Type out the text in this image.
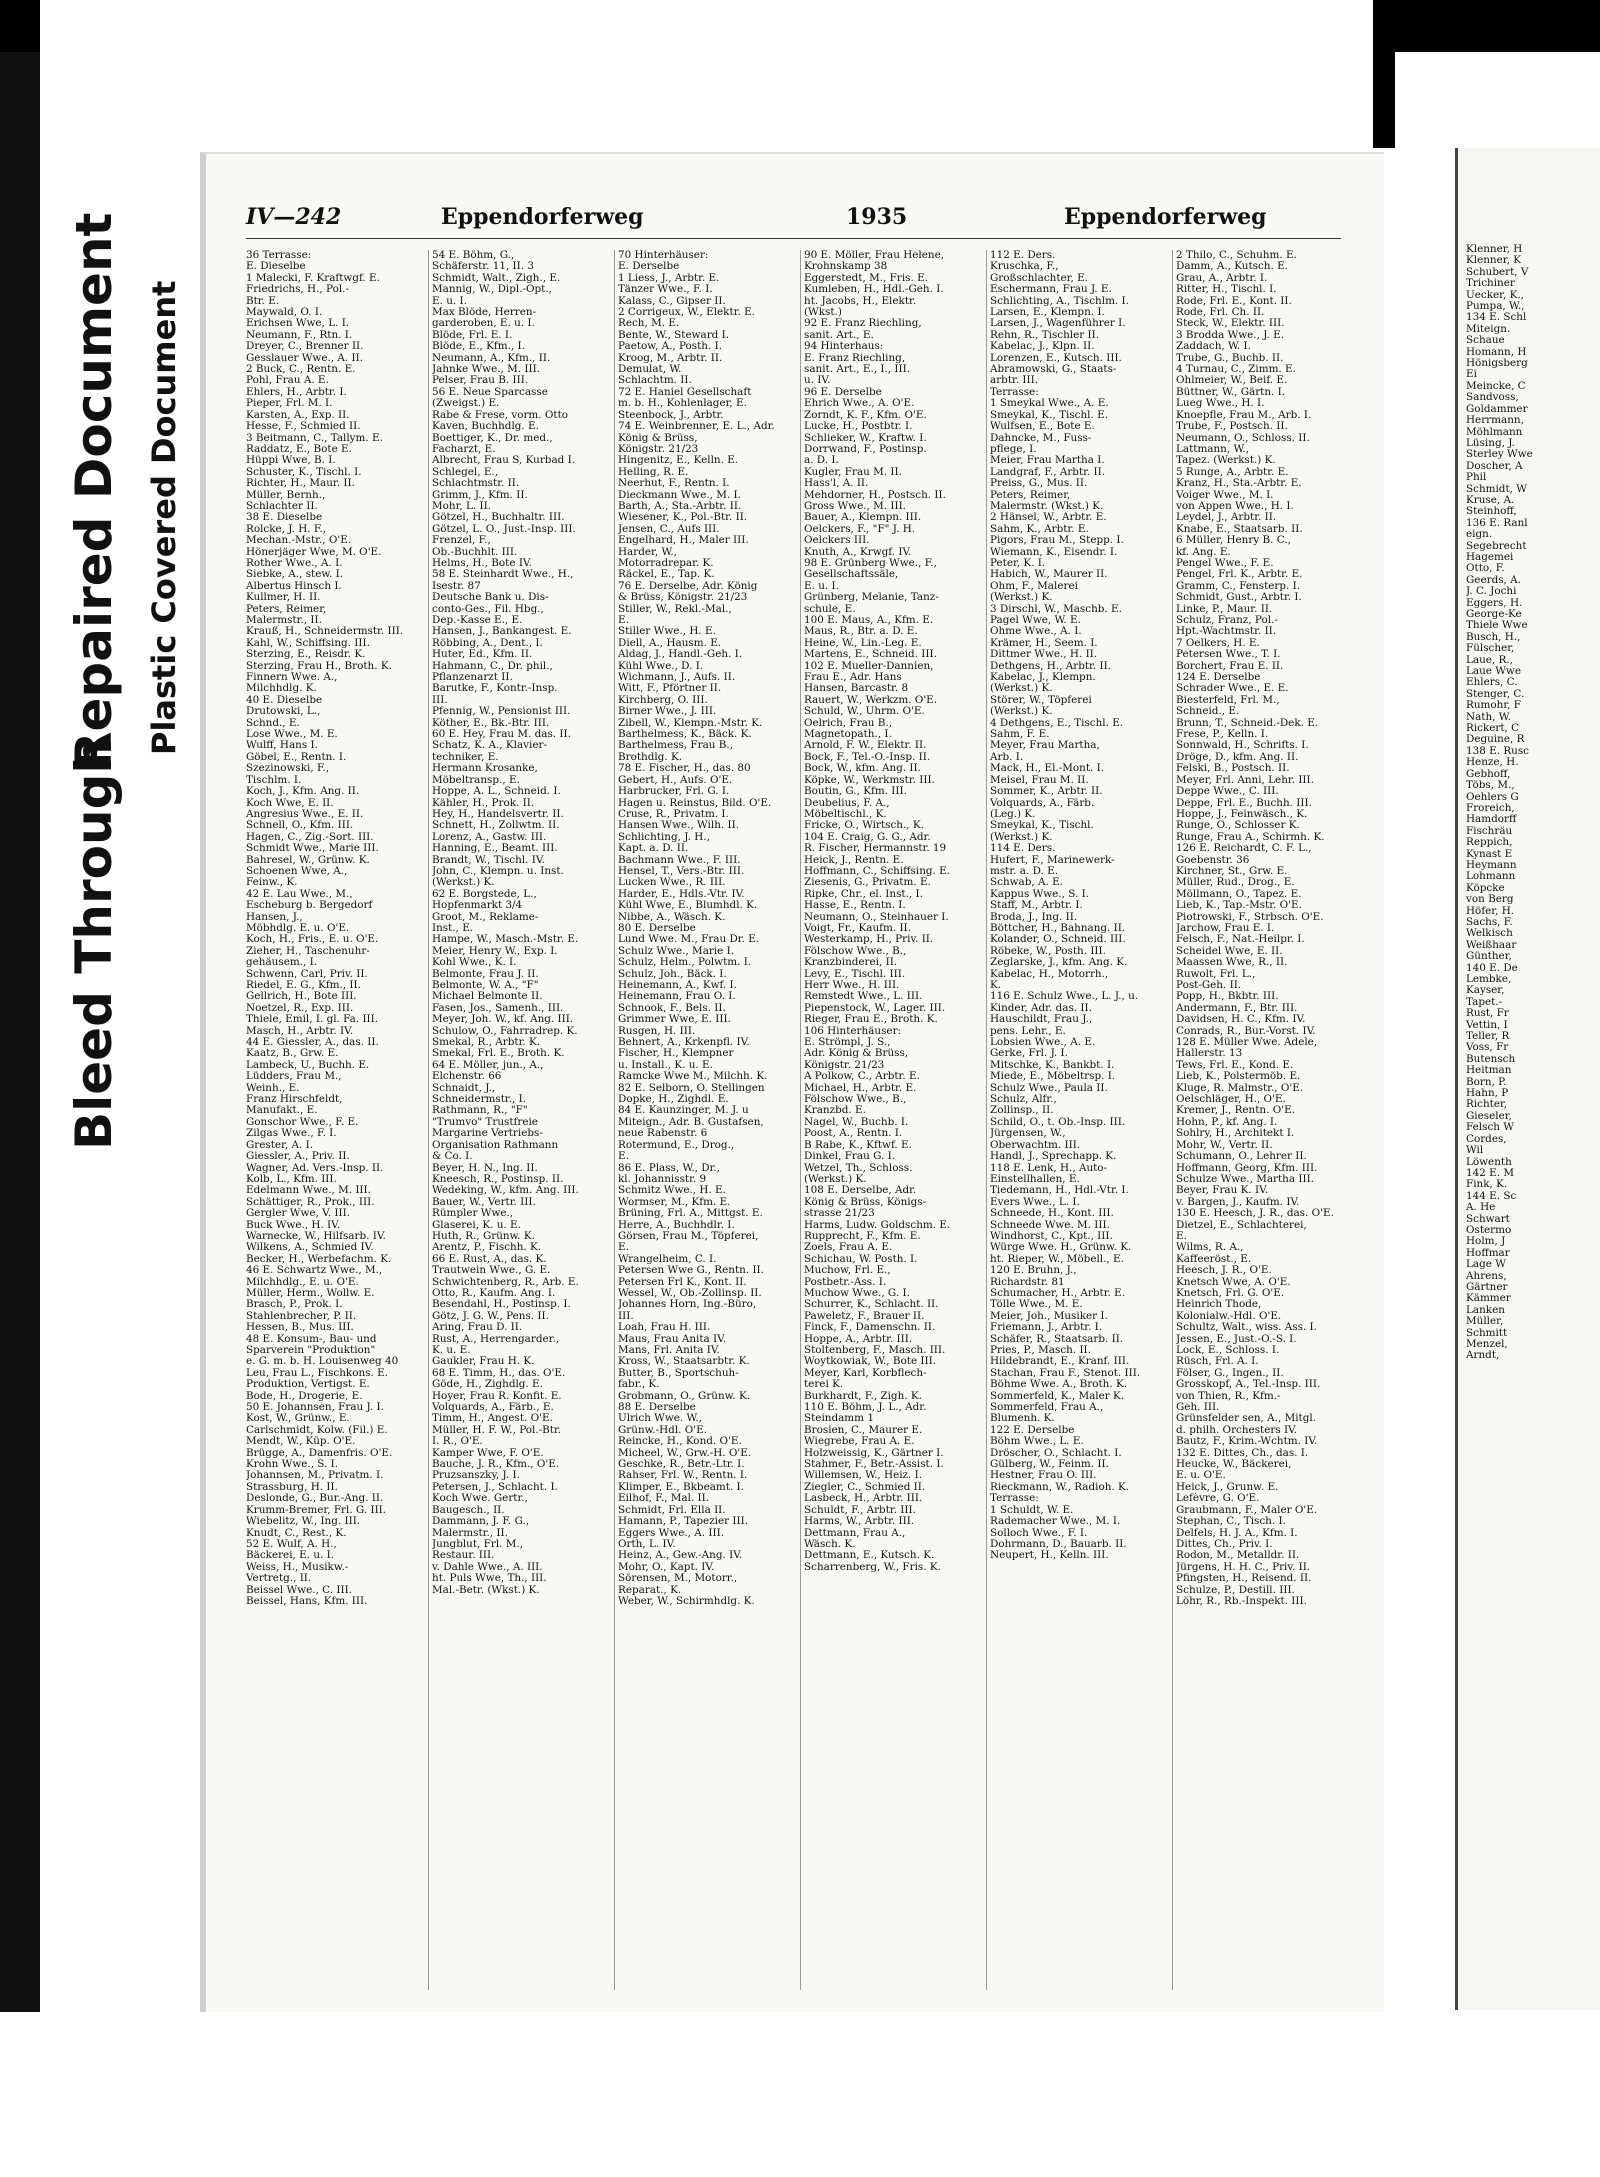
Bleed Through
Repaired Document Plastic Covered Document
IV—242	Eppendorferweg	1935	Eppendorferweg

36 Terrasse:

E. Dieselbe

1 Malecki, F. Kraftwgf. E.

Friedrichs, H., Pol.-

Btr. E.

Maywald, O. I.

Erichsen Wwe, L. I.

Neumann, F., Rtn. I.

Dreyer, C., Brenner II.

Gesslauer Wwe., A. II.

2 Buck, C., Rentn. E.

Pohl, Frau A. E.

Ehlers, H., Arbtr. I.

Pieper, Frl. M. I.

Karsten, A., Exp. II.

Hesse, F., Schmied II.

3 Beitmann, C., Tallym. E.

Raddatz, E., Bote E.

Hüppi Wwe, B. I.

Schuster, K., Tischl. I.

Richter, H., Maur. II.

Müller, Bernh.,

Schlachter II.

38 E. Dieselbe

Rolcke, J. H. F.,

Mechan.-Mstr., O'E.

Hönerjäger Wwe, M. O'E.

Rother Wwe., A. I.

Siebke, A., stew. I.

Albertus Hinsch I.

Kullmer, H. II.

Peters, Reimer,

Malermstr., II.

Krauß, H., Schneidermstr. III.

Kahl, W., Schiffsing. III.

Sterzing, E., Reisdr. K.

Sterzing, Frau H., Broth. K.

Finnern Wwe. A.,

Milchhdlg. K.

40 E. Dieselbe

Drutowski, L.,

Schnd., E.

Lose Wwe., M. E.

Wulff, Hans I.

Göbel, E., Rentn. I.

Szezinowski, F.,

Tischlm. I.

Koch, J., Kfm. Ang. II.

Koch Wwe, E. II.

Angresius Wwe., E. II.

Schnell, O., Kfm. III.

Hagen, C., Zig.-Sort. III.

Schmidt Wwe., Marie III.

Bahresel, W., Grünw. K.

Schoenen Wwe, A.,

Feinw., K.

42 E. Lau Wwe., M.,

Escheburg b. Bergedorf

Hansen, J.,

Möbhdlg. E. u. O'E.

Koch, H., Fris., E. u. O'E.

Zieher, H., Taschenuhr-

gehäusem., I.

Schwenn, Carl, Priv. II.

Riedel, E. G., Kfm., II.

Gellrich, H., Bote III.

Noetzel, R., Exp. III.

Thiele, Emil, I. gl. Fa. III.

Masch, H., Arbtr. IV.

44 E. Giessler, A., das. II.

Kaatz, B., Grw. E.

Lambeck, U., Buchh. E.

Lüdders, Frau M.,

Weinh., E.

Franz Hirschfeldt,

Manufakt., E.

Gonschor Wwe., F. E.

Zilgas Wwe., F. I.

Grester, A. I.

Giessler, A., Priv. II.

Wagner, Ad. Vers.-Insp. II.

Kolb, L., Kfm. III.

Edelmann Wwe., M. III.

Schättiger, R., Prok., III.

Gergler Wwe, V. III.

Buck Wwe., H. IV.

Warnecke, W., Hilfsarb. IV.

Wilkens, A., Schmied IV.

Becker, H., Werbefachm. K.

46 E. Schwartz Wwe., M.,

Milchhdlg., E. u. O'E.

Müller, Herm., Wollw. E.

Brasch, P., Prok. I.

Stahlenbrecher, P. II.

Hessen, B., Mus. III.

48 E. Konsum-, Bau- und

Sparverein "Produktion"

e. G. m. b. H. Louisenweg 40

Leu, Frau L., Fischkons. E.

Produktion, Vertigst. E.

Bode, H., Drogerie, E.

50 E. Johannsen, Frau J. I.

Kost, W., Grünw., E.

Carlschmidt, Kolw. (Fil.) E.

Mendt, W., Küp. O'E.

Brügge, A., Damenfris. O'E.

Krohn Wwe., S. I.

Johannsen, M., Privatm. I.

Strassburg, H. II.

Deslonde, G., Bur.-Ang. II.

Krumm-Bremer, Frl. G. III.

Wiebelitz, W., Ing. III.

Knudt, C., Rest., K.

52 E. Wulf, A. H.,

Bäckerei, E. u. I.

Weiss, H., Musikw.-

Vertretg., II.

Beissel Wwe., C. III.

Beissel, Hans, Kfm. III.

54 E. Böhm, G.,

Schäferstr. 11, II. 3

Schmidt, Walt., Zigh., E.

Mannig, W., Dipl.-Opt.,

E. u. I.

Max Blöde, Herren-

garderoben, E. u. I.

Blöde, Frl. E. I.

Blöde, E., Kfm., I.

Neumann, A., Kfm., II.

Jahnke Wwe., M. III.

Pelser, Frau B. III.

56 E. Neue Sparcasse

(Zweigst.) E.

Rabe & Frese, vorm. Otto

Kaven, Buchhdlg. E.

Boettiger, K., Dr. med.,

Facharzt, E.

Albrecht, Frau S, Kurbad I.

Schlegel, E.,

Schlachtmstr. II.

Grimm, J., Kfm. II.

Mohr, L. II.

Götzel, H., Buchhaltr. III.

Götzel, L. O., Just.-Insp. III.

Frenzel, F.,

Ob.-Buchhlt. III.

Helms, H., Bote IV.

58 E. Steinhardt Wwe., H.,

Isestr. 87

Deutsche Bank u. Dis-

conto-Ges., Fil. Hbg.,

Dep.-Kasse E., E.

Hansen, J., Bankangest. E.

Röbbing, A., Dent., I.

Huter, Ed., Kfm. II.

Hahmann, C., Dr. phil.,

Pflanzenarzt II.

Barutke, F., Kontr.-Insp.

III.

Pfennig, W., Pensionist III.

Köther, E., Bk.-Btr. III.

60 E. Hey, Frau M. das. II.

Schatz, K. A., Klavier-

techniker, E.

Hermann Krosanke,

Möbeltransp., E.

Hoppe, A. L., Schneid. I.

Kähler, H., Prok. II.

Hey, H., Handelsvertr. II.

Schnett, H., Zollwtm. II.

Lorenz, A., Gastw. III.

Hanning, E., Beamt. III.

Brandt, W., Tischl. IV.

John, C., Klempn. u. Inst.

(Werkst.) K.

62 E. Borgstede, L.,

Hopfenmarkt 3/4

Groot, M., Reklame-

Inst., E.

Hampe, W., Masch.-Mstr. E.

Meier, Henry W., Exp. I.

Kohl Wwe., K. I.

Belmonte, Frau J. II.

Belmonte, W. A., "F"

Michael Belmonte II.

Fasen, Jos., Samenh., III.

Meyer, Joh. W., kf. Ang. III.

Schulow, O., Fahrradrep. K.

Smekal, R., Arbtr. K.

Smekal, Frl. E., Broth. K.

64 E. Möller, jun., A.,

Elchenstr. 66

Schnaidt, J.,

Schneidermstr., I.

Rathmann, R., "F"

"Trumvo" Trustfreie

Margarine Vertriebs-

Organisation Rathmann

& Co. I.

Beyer, H. N., Ing. II.

Kneesch, R., Postinsp. II.

Wedeking, W., kfm. Ang. III.

Bauer, W., Vertr. III.

Rümpler Wwe.,

Glaserei, K. u. E.

Huth, R., Grünw. K.

Arentz, P., Fischh. K.

66 E. Rust, A., das. K.

Trautwein Wwe., G. E.

Schwichtenberg, R., Arb. E.

Otto, R., Kaufm. Ang. I.

Besendahl, H., Postinsp. I.

Götz, J. G. W., Pens. II.

Aring, Frau D. II.

Rust, A., Herrengarder.,

K. u. E.

Gaukler, Frau H. K.

68 E. Timm, H., das. O'E.

Göde, H., Zighdlg. E.

Hoyer, Frau R. Konfit. E.

Volquards, A., Färb., E.

Timm, H., Angest. O'E.

Müller, H. F. W., Pol.-Btr.

I. R., O'E.

Kamper Wwe, F. O'E.

Bauche, J. R., Kfm., O'E.

Pruzsanszky, J. I.

Petersen, J., Schlacht. I.

Koch Wwe. Gertr.,

Baugesch., II.

Dammann, J. F. G.,

Malermstr., II.

Jungblut, Frl. M.,

Restaur. III.

v. Dahle Wwe., A. III.

ht. Puls Wwe, Th., III.

Mal.-Betr. (Wkst.) K.

70 Hinterhäuser:

E. Derselbe

1 Liess, J., Arbtr. E.

Tänzer Wwe., F. I.

Kalass, C., Gipser II.

2 Corrigeux, W., Elektr. E.

Rech, M. E.

Bente, W., Steward I.

Paetow, A., Posth. I.

Kroog, M., Arbtr. II.

Demulat, W.

Schlachtm. II.

72 E. Haniel Gesellschaft

m. b. H., Kohlenlager, E.

Steenbock, J., Arbtr.

74 E. Weinbrenner, E. L., Adr.

König & Brüss,

Königstr. 21/23

Hingenitz, E., Kelln. E.

Helling, R. E.

Neerhut, F., Rentn. I.

Dieckmann Wwe., M. I.

Barth, A., Sta.-Arbtr. II.

Wiesener, K., Pol.-Btr. II.

Jensen, C., Aufs III.

Engelhard, H., Maler III.

Harder, W.,

Motorradrepar. K.

Räckel, E., Tap. K.

76 E. Derselbe, Adr. König

& Brüss, Königstr. 21/23

Stiller, W., Rekl.-Mal.,

E.

Stiller Wwe., H. E.

Diell, A., Hausm. E.

Aldag, J., Handl.-Geh. I.

Kühl Wwe., D. I.

Wichmann, J., Aufs. II.

Witt, F., Pförtner II.

Kirchberg, O. III.

Birner Wwe., J. III.

Zibell, W., Klempn.-Mstr. K.

Barthelmess, K., Bäck. K.

Barthelmess, Frau B.,

Brothdlg. K.

78 E. Fischer, H., das. 80

Gebert, H., Aufs. O'E.

Harbrucker, Frl. G. I.

Hagen u. Reinstus, Bild. O'E.

Cruse, R., Privatm. I.

Hansen Wwe., Wilh. II.

Schlichting, J. H.,

Kapt. a. D. II.

Bachmann Wwe., F. III.

Hensel, T., Vers.-Btr. III.

Lucken Wwe., R. III.

Harder, E., Hdls.-Vtr. IV.

Kühl Wwe, E., Blumhdl. K.

Nibbe, A., Wäsch. K.

80 E. Derselbe

Lund Wwe. M., Frau Dr. E.

Schulz Wwe., Marie I.

Schulz, Helm., Polwtm. I.

Schulz, Joh., Bäck. I.

Heinemann, A., Kwf. I.

Heinemann, Frau O. I.

Schnook, F., Bels. II.

Grimmer Wwe, E. III.

Rusgen, H. III.

Behnert, A., Krkenpfl. IV.

Fischer, H., Klempner

u. Install., K. u. E.

Ramcke Wwe M., Milchh. K.

82 E. Selborn, O. Stellingen

Dopke, H., Zighdl. E.

84 E. Kaunzinger, M. J. u

Miteign., Adr. B. Gustafsen,

neue Rabenstr. 6

Rotermund, E., Drog.,

E.

86 E. Plass, W., Dr.,

kl. Johannisstr. 9

Schmitz Wwe., H. E.

Wormser, M., Kfm. E.

Brüning, Frl. A., Mittgst. E.

Herre, A., Buchhdlr. I.

Görsen, Frau M., Töpferei,

E.

Wrangelheim, C. I.

Petersen Wwe G., Rentn. II.

Petersen Frl K., Kont. II.

Wessel, W., Ob.-Zollinsp. II.

Johannes Horn, Ing.-Büro,

III.

Loah, Frau H. III.

Maus, Frau Anita IV.

Mans, Frl. Anita IV.

Kross, W., Staatsarbtr. K.

Butter, B., Sportschuh-

fabr., K.

Grobmann, O., Grünw. K.

88 E. Derselbe

Ulrich Wwe. W.,

Grünw.-Hdl. O'E.

Reincke, H., Kond. O'E.

Micheel, W., Grw.-H. O'E.

Geschke, R., Betr.-Ltr. I.

Rahser, Frl. W., Rentn. I.

Klimper, E., Bkbeamt. I.

Eilhof, F., Mal. II.

Schmidt, Frl. Ella II.

Hamann, P., Tapezier III.

Eggers Wwe., A. III.

Orth, L. IV.

Heinz, A., Gew.-Ang. IV.

Mohr, O., Kapt. IV.

Sörensen, M., Motorr.,

Reparat., K.

Weber, W., Schirmhdlg. K.

90 E. Möller, Frau Helene,

Krohnskamp 38

Eggerstedt, M., Fris. E.

Kumleben, H., Hdl.-Geh. I.

ht. Jacobs, H., Elektr.

(Wkst.)

92 E. Franz Riechling,

sanit. Art., E.

94 Hinterhaus:

E. Franz Riechling,

sanit. Art., E., I., III.

u. IV.

96 E. Derselbe

Ehrich Wwe., A. O'E.

Zorndt, K. F., Kfm. O'E.

Lucke, H., Postbtr. I.

Schlieker, W., Kraftw. I.

Dorrwand, F., Postinsp.

a. D. I.

Kugler, Frau M. II.

Hass'l, A. II.

Mehdorner, H., Postsch. II.

Gross Wwe., M. III.

Bauer, A., Klempn. III.

Oelckers, F., "F" J. H.

Oelckers III.

Knuth, A., Krwgf. IV.

98 E. Grünberg Wwe., F.,

Gesellschaftssäle,

E. u. I.

Grünberg, Melanie, Tanz-

schule, E.

100 E. Maus, A., Kfm. E.

Maus, R., Btr. a. D. E.

Heine, W., Lin.-Leg. E.

Martens, E., Schneid. III.

102 E. Mueller-Dannien,

Frau E., Adr. Hans

Hansen, Barcastr. 8

Rauert, W., Werkzm. O'E.

Schuld, W., Uhrm. O'E.

Oelrich, Frau B.,

Magnetopath., I.

Arnold, F. W., Elektr. II.

Bock, F., Tel.-O.-Insp. II.

Bock, W., kfm. Ang. II.

Köpke, W., Werkmstr. III.

Boutin, G., Kfm. III.

Deubelius, F. A.,

Möbeltischl., K.

Fricke, O., Wirtsch., K.

104 E. Craig, G. G., Adr.

R. Fischer, Hermannstr. 19

Heick, J., Rentn. E.

Hoffmann, C., Schiffsing. E.

Ziesenis, G., Privatm. E.

Ripke, Chr., el. Inst., I.

Hasse, E., Rentn. I.

Neumann, O., Steinhauer I.

Voigt, Fr., Kaufm. II.

Westerkamp, H., Priv. II.

Fölschow Wwe., B.,

Kranzbinderei, II.

Levy, E., Tischl. III.

Herr Wwe., H. III.

Remstedt Wwe., L. III.

Piepenstock, W., Lager. III.

Rieger, Frau E., Broth. K.

106 Hinterhäuser:

E. Strömpl, J. S.,

Adr. König & Brüss,

Königstr. 21/23

A Polkow, C., Arbtr. E.

Michael, H., Arbtr. E.

Fölschow Wwe., B.,

Kranzbd. E.

Nagel, W., Buchb. I.

Poost, A., Rentn. I.

B Rabe, K., Kftwf. E.

Dinkel, Frau G. I.

Wetzel, Th., Schloss.

(Werkst.) K.

108 E. Derselbe, Adr.

König & Brüss, Königs-

strasse 21/23

Harms, Ludw. Goldschm. E.

Rupprecht, F., Kfm. E.

Zoels, Frau A. E.

Schichau, W. Posth. I.

Muchow, Frl. E.,

Postbetr.-Ass. I.

Muchow Wwe., G. I.

Schurrer, K., Schlacht. II.

Paweletz, F., Brauer II.

Finck, F., Damenschn. II.

Hoppe, A., Arbtr. III.

Stoltenberg, F., Masch. III.

Woytkowiak, W., Bote III.

Meyer, Karl, Korbflech-

terei K.

Burkhardt, F., Zigh. K.

110 E. Böhm, J. L., Adr.

Steindamm 1

Brosien, C., Maurer E.

Wiegrebe, Frau A. E.

Holzweissig, K., Gärtner I.

Stahmer, F., Betr.-Assist. I.

Willemsen, W., Heiz. I.

Ziegler, C., Schmied II.

Lasbeck, H., Arbtr. III.

Schuldt, F., Arbtr. III.

Harms, W., Arbtr. III.

Dettmann, Frau A.,

Wäsch. K.

Dettmann, E., Kutsch. K.

Scharrenberg, W., Fris. K.

112 E. Ders.

Kruschka, F.,

Großschlachter, E.

Eschermann, Frau J. E.

Schlichting, A., Tischlm. I.

Larsen, E., Klempn. I.

Larsen, J., Wagenführer I.

Rehn, R., Tischler II.

Kabelac, J., Klpn. II.

Lorenzen, E., Kutsch. III.

Abramowski, G., Staats-

arbtr. III.

Terrasse:

1 Smeykal Wwe., A. E.

Smeykal, K., Tischl. E.

Wulfsen, E., Bote E.

Dahncke, M., Fuss-

pflege, I.

Meier, Frau Martha I.

Landgraf, F., Arbtr. II.

Preiss, G., Mus. II.

Peters, Reimer,

Malermstr. (Wkst.) K.

2 Hänsel, W., Arbtr. E.

Sahm, K., Arbtr. E.

Pigors, Frau M., Stepp. I.

Wiemann, K., Eisendr. I.

Peter, K. I.

Habich, W., Maurer II.

Ohm, F., Malerei

(Werkst.) K.

3 Dirschl, W., Maschb. E.

Pagel Wwe, W. E.

Ohme Wwe., A. I.

Krämer, H., Seem. I.

Dittmer Wwe., H. II.

Dethgens, H., Arbtr. II.

Kabelac, J., Klempn.

(Werkst.) K.

Störer, W., Töpferei

(Werkst.) K.

4 Dethgens, E., Tischl. E.

Sahm, F. E.

Meyer, Frau Martha,

Arb. I.

Mack, H., El.-Mont. I.

Meisel, Frau M. II.

Sommer, K., Arbtr. II.

Volquards, A., Färb.

(Leg.) K.

Smeykal, K., Tischl.

(Werkst.) K.

114 E. Ders.

Hufert, F., Marinewerk-

mstr. a. D. E.

Schwab, A. E.

Kappus Wwe., S. I.

Staff, M., Arbtr. I.

Broda, J., Ing. II.

Böttcher, H., Bahnang. II.

Kolander, O., Schneid. III.

Röbeke, W., Posth. III.

Zeglarske, J., kfm. Ang. K.

Kabelac, H., Motorrh.,

K.

116 E. Schulz Wwe., L. J., u.

Kinder, Adr. das. II.

Hauschildt, Frau J.,

pens. Lehr., E.

Lobsien Wwe., A. E.

Gerke, Frl. J. I.

Mitschke, K., Bankbt. I.

Miede, E., Möbeltrsp. I.

Schulz Wwe., Paula II.

Schulz, Alfr.,

Zollinsp., II.

Schild, O., t. Ob.-Insp. III.

Jürgensen, W.,

Oberwachtm. III.

Handl, J., Sprechapp. K.

118 E. Lenk, H., Auto-

Einstellhallen, E.

Tiedemann, H., Hdl.-Vtr. I.

Evers Wwe., L. I.

Schneede, H., Kont. III.

Schneede Wwe. M. III.

Windhorst, C., Kpt., III.

Würge Wwe. H., Grünw. K.

ht. Rieper, W., Möbell., E.

120 E. Bruhn, J.,

Richardstr. 81

Schumacher, H., Arbtr. E.

Tölle Wwe., M. E.

Meier, Joh., Musiker I.

Friemann, J., Arbtr. I.

Schäfer, R., Staatsarb. II.

Pries, P., Masch. II.

Hildebrandt, E., Kranf. III.

Stachan, Frau F., Stenot. III.

Böhme Wwe. A., Broth. K.

Sommerfeld, K., Maler K.

Sommerfeld, Frau A.,

Blumenh. K.

122 E. Derselbe

Böhm Wwe., L. E.

Dröscher, O., Schlacht. I.

Gülberg, W., Feinm. II.

Hestner, Frau O. III.

Rieckmann, W., Radioh. K.

Terrasse:

1 Schuldt, W. E.

Rademacher Wwe., M. I.

Solloch Wwe., F. I.

Dohrmann, D., Bauarb. II.

Neupert, H., Kelln. III.

2 Thilo, C., Schuhm. E.

Damm, A., Kutsch. E.

Grau, A., Arbtr. I.

Ritter, H., Tischl. I.

Rode, Frl. E., Kont. II.

Rode, Frl. Ch. II.

Steck, W., Elektr. III.

3 Brodda Wwe., J. E.

Zaddach, W. I.

Trube, G., Buchb. II.

4 Turnau, C., Zimm. E.

Ohlmeier, W., Beif. E.

Büttner, W., Gärtn. I.

Lueg Wwe., H. I.

Knoepfle, Frau M., Arb. I.

Trube, F., Postsch. II.

Neumann, O., Schloss. II.

Lattmann, W.,

Tapez. (Werkst.) K.

5 Runge, A., Arbtr. E.

Kranz, H., Sta.-Arbtr. E.

Voiger Wwe., M. I.

von Appen Wwe., H. I.

Leydel, J., Arbtr. II.

Knabe, E., Staatsarb. II.

6 Müller, Henry B. C.,

kf. Ang. E.

Pengel Wwe., F. E.

Pengel, Frl. K., Arbtr. E.

Gramm, C., Fensterp. I.

Schmidt, Gust., Arbtr. I.

Linke, P., Maur. II.

Schulz, Franz, Pol.-

Hpt.-Wachtmstr. II.

7 Oelkers, H. E.

Petersen Wwe., T. I.

Borchert, Frau E. II.

124 E. Derselbe

Schrader Wwe., E. E.

Biesterfeld, Frl. M.,

Schneid., E.

Brunn, T., Schneid.-Dek. E.

Frese, P., Kelln. I.

Sonnwald, H., Schrifts. I.

Dröge, D., kfm. Ang. II.

Felski, B., Postsch. II.

Meyer, Frl. Anni, Lehr. III.

Deppe Wwe., C. III.

Deppe, Frl. E., Buchh. III.

Hoppe, J., Feinwäsch., K.

Runge, O., Schlosser K.

Runge, Frau A., Schirmh. K.

126 E. Reichardt, C. F. L.,

Goebenstr. 36

Kirchner, St., Grw. E.

Müller, Rud., Drog., E.

Möllmann, O., Tapez. E.

Lieb, K., Tap.-Mstr. O'E.

Piotrowski, F., Strbsch. O'E.

Jarchow, Frau E. I.

Felsch, F., Nat.-Heilpr. I.

Scheidel Wwe, E. II.

Maassen Wwe, R., II.

Ruwolt, Frl. L.,

Post-Geh. II.

Popp, H., Bkbtr. III.

Andermann, F., Btr. III.

Davidsen, H. C., Kfm. IV.

Conrads, R., Bur.-Vorst. IV.

128 E. Müller Wwe. Adele,

Hallerstr. 13

Tews, Frl. E., Kond. E.

Lieb, K., Polstermöb. E.

Kluge, R. Malmstr., O'E.

Oelschläger, H., O'E.

Kremer, J., Rentn. O'E.

Hohn, P., kf. Ang. I.

Sohlry, H., Architekt I.

Mohr, W., Vertr. II.

Schumann, O., Lehrer II.

Hoffmann, Georg, Kfm. III.

Schulze Wwe., Martha III.

Beyer, Frau K. IV.

v. Bargen, J., Kaufm. IV.

130 E. Heesch, J. R., das. O'E.

Dietzel, E., Schlachterei,

E.

Wilms, R. A.,

Kaffeeröst., E.

Heesch, J. R., O'E.

Knetsch Wwe, A. O'E.

Knetsch, Frl. G. O'E.

Heinrich Thode,

Kolonialw.-Hdl. O'E.

Schultz, Walt., wiss. Ass. I.

Jessen, E., Just.-O.-S. I.

Lock, E., Schloss. I.

Rüsch, Frl. A. I.

Fölser, G., Ingen., II.

Grosskopf, A., Tel.-Insp. III.

von Thien, R., Kfm.-

Geh. III.

Grünsfelder sen, A., Mitgl.

d. philh. Orchesters IV.

Bautz, F., Krim.-Wchtm. IV.

132 E. Dittes, Ch., das. I.

Heucke, W., Bäckerei,

E. u. O'E.

Heick, J., Grunw. E.

Lefèvre, G. O'E.

Graubmann, F., Maler O'E.

Stephan, C., Tisch. I.

Delfels, H. J. A., Kfm. I.

Dittes, Ch., Priv. I.

Rodon, M., Metalldr. II.

Jürgens, H. H. C., Priv. II.

Pfingsten, H., Reisend. II.

Schulze, P., Destill. III.

Löhr, R., Rb.-Inspekt. III.

Klenner, H

Klenner, K

Schubert, V

Trichiner

Uecker, K.,

Pumpa, W.,

134 E. Schl

Miteign.

Schaue

Homann, H

Hönigsberg

Ei

Meincke, C

Sandvoss,

Goldammer

Herrmann,

Möhlmann

Lüsing, J.

Sterley Wwe

Doscher, A

Phil

Schmidt, W

Kruse, A.

Steinhoff,

136 E. Ranl

eign.

Segebrecht

Hagemei

Otto, F.

Geerds, A.

J. C. Jochi

Eggers, H.

George-Ke

Thiele Wwe

Busch, H.,

Fülscher,

Laue, R.,

Laue Wwe

Ehlers, C.

Stenger, C.

Rumohr, F

Nath, W.

Rickert, C

Deguine, R

138 E. Rusc

Henze, H.

Gebhoff,

Töbs, M.,

Oehlers G

Froreich,

Hamdorff

Fischräu

Reppich,

Kynast E

Heymann

Lohmann

Köpcke

von Berg

Höfer, H.

Sachs, F.

Welkisch

Weißhaar

Günther,

140 E. De

Lembke,

Kayser,

Tapet.-

Rust, Fr

Vettin, I

Teller, R

Voss, Fr

Butensch

Heitman

Born, P.

Hahn, P

Richter,

Gieseler,

Felsch W

Cordes,

Wil

Löwenth

142 E. M

Fink, K.

144 E. Sc

A. He

Schwart

Ostermo

Holm, J

Hoffmar

Lage W

Ahrens,

Gärtner

Kämmer

Lanken

Müller,

Schmitt

Menzel,

Arndt,
